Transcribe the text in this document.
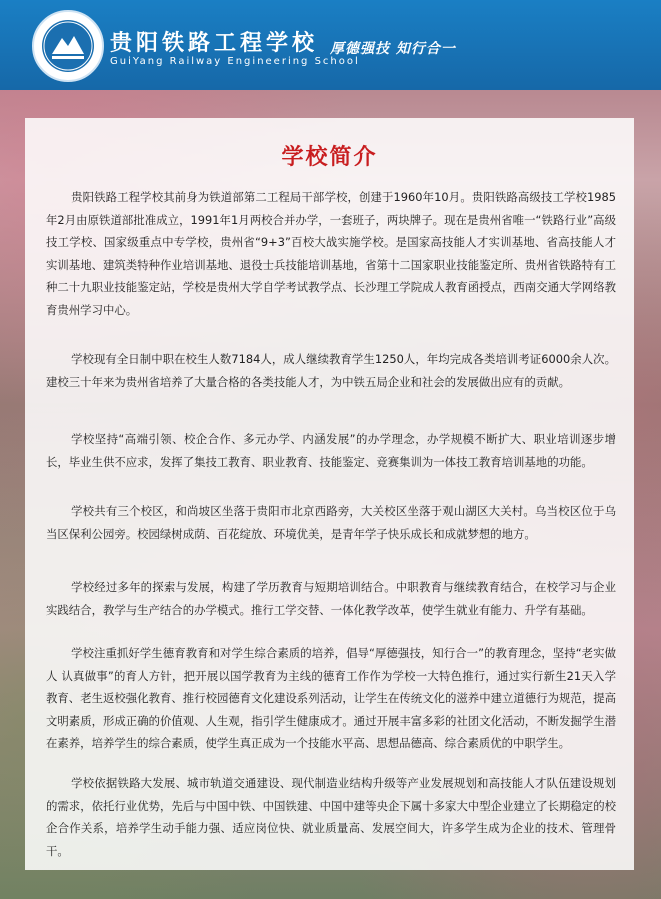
贵阳铁路工程学校
GuiYang Railway Engineering School
厚德强技 知行合一
学校简介

贵阳铁路工程学校其前身为铁道部第二工程局干部学校，创建于1960年10月。贵阳铁路高级技工学校1985年2月由原铁道部批准成立，1991年1月两校合并办学，一套班子，两块牌子。现在是贵州省唯一“铁路行业”高级技工学校、国家级重点中专学校，贵州省“9+3”百校大战实施学校。是国家高技能人才实训基地、省高技能人才实训基地、建筑类特种作业培训基地、退役士兵技能培训基地，省第十二国家职业技能鉴定所、贵州省铁路特有工种二十九职业技能鉴定站，学校是贵州大学自学考试教学点、长沙理工学院成人教育函授点，西南交通大学网络教育贵州学习中心。

学校现有全日制中职在校生人数7184人，成人继续教育学生1250人，年均完成各类培训考证6000余人次。建校三十年来为贵州省培养了大量合格的各类技能人才，为中铁五局企业和社会的发展做出应有的贡献。

学校坚持“高端引领、校企合作、多元办学、内涵发展”的办学理念，办学规模不断扩大、职业培训逐步增长，毕业生供不应求，发挥了集技工教育、职业教育、技能鉴定、竞赛集训为一体技工教育培训基地的功能。

学校共有三个校区，和尚坡区坐落于贵阳市北京西路旁，大关校区坐落于观山湖区大关村。乌当校区位于乌当区保利公园旁。校园绿树成荫、百花绽放、环境优美，是青年学子快乐成长和成就梦想的地方。

学校经过多年的探索与发展，构建了学历教育与短期培训结合。中职教育与继续教育结合，在校学习与企业实践结合，教学与生产结合的办学模式。推行工学交替、一体化教学改革，使学生就业有能力、升学有基础。

学校注重抓好学生德育教育和对学生综合素质的培养，倡导“厚德强技，知行合一”的教育理念，坚持“老实做人 认真做事”的育人方针，把开展以国学教育为主线的德育工作作为学校一大特色推行，通过实行新生21天入学教育、老生返校强化教育、推行校园德育文化建设系列活动，让学生在传统文化的滋养中建立道德行为规范，提高文明素质，形成正确的价值观、人生观，指引学生健康成才。通过开展丰富多彩的社团文化活动，不断发掘学生潜在素养，培养学生的综合素质，使学生真正成为一个技能水平高、思想品德高、综合素质优的中职学生。

学校依据铁路大发展、城市轨道交通建设、现代制造业结构升级等产业发展规划和高技能人才队伍建设规划的需求，依托行业优势，先后与中国中铁、中国铁建、中国中建等央企下属十多家大中型企业建立了长期稳定的校企合作关系，培养学生动手能力强、适应岗位快、就业质量高、发展空间大，许多学生成为企业的技术、管理骨干。
